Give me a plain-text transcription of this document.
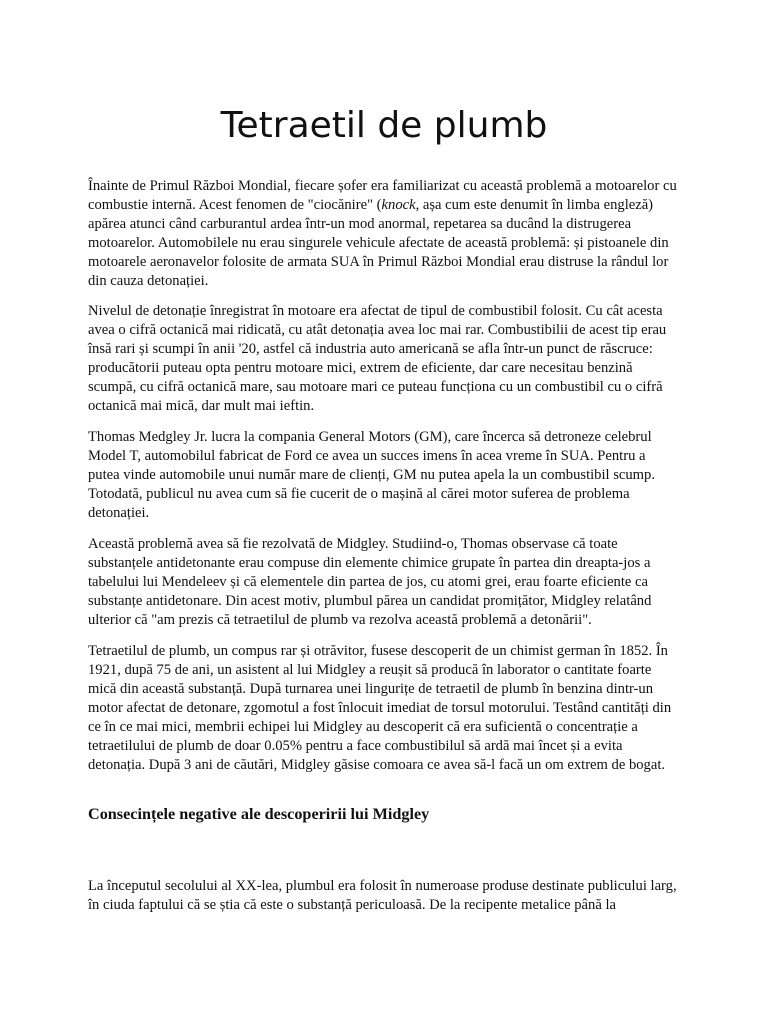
Tetraetil de plumb

Înainte de Primul Război Mondial, fiecare șofer era familiarizat cu această problemă a motoarelor cu combustie internă. Acest fenomen de "ciocănire" (knock, așa cum este denumit în limba engleză) apărea atunci când carburantul ardea într-un mod anormal, repetarea sa ducând la distrugerea motoarelor. Automobilele nu erau singurele vehicule afectate de această problemă: și pistoanele din motoarele aeronavelor folosite de armata SUA în Primul Război Mondial erau distruse la rândul lor din cauza detonației.

Nivelul de detonație înregistrat în motoare era afectat de tipul de combustibil folosit. Cu cât acesta avea o cifră octanică mai ridicată, cu atât detonația avea loc mai rar. Combustibilii de acest tip erau însă rari și scumpi în anii '20, astfel că industria auto americană se afla într-un punct de răscruce: producătorii puteau opta pentru motoare mici, extrem de eficiente, dar care necesitau benzină scumpă, cu cifră octanică mare, sau motoare mari ce puteau funcționa cu un combustibil cu o cifră octanică mai mică, dar mult mai ieftin.

Thomas Medgley Jr. lucra la compania General Motors (GM), care încerca să detroneze celebrul Model T, automobilul fabricat de Ford ce avea un succes imens în acea vreme în SUA. Pentru a putea vinde automobile unui număr mare de clienți, GM nu putea apela la un combustibil scump. Totodată, publicul nu avea cum să fie cucerit de o mașină al cărei motor suferea de problema detonației.

Această problemă avea să fie rezolvată de Midgley. Studiind-o, Thomas observase că toate substanțele antidetonante erau compuse din elemente chimice grupate în partea din dreapta-jos a tabelului lui Mendeleev și că elementele din partea de jos, cu atomi grei, erau foarte eficiente ca substanțe antidetonare. Din acest motiv, plumbul părea un candidat promițător, Midgley relatând ulterior că "am prezis că tetraetilul de plumb va rezolva această problemă a detonării".

Tetraetilul de plumb, un compus rar și otrăvitor, fusese descoperit de un chimist german în 1852. În 1921, după 75 de ani, un asistent al lui Midgley a reușit să producă în laborator o cantitate foarte mică din această substanță. După turnarea unei lingurițe de tetraetil de plumb în benzina dintr-un motor afectat de detonare, zgomotul a fost înlocuit imediat de torsul motorului. Testând cantități din ce în ce mai mici, membrii echipei lui Midgley au descoperit că era suficientă o concentrație a tetraetilului de plumb de doar 0.05% pentru a face combustibilul să ardă mai încet și a evita detonația. După 3 ani de căutări, Midgley găsise comoara ce avea să-l facă un om extrem de bogat.

Consecințele negative ale descoperirii lui Midgley

La începutul secolului al XX-lea, plumbul era folosit în numeroase produse destinate publicului larg, în ciuda faptului că se știa că este o substanță periculoasă. De la recipente metalice până la
